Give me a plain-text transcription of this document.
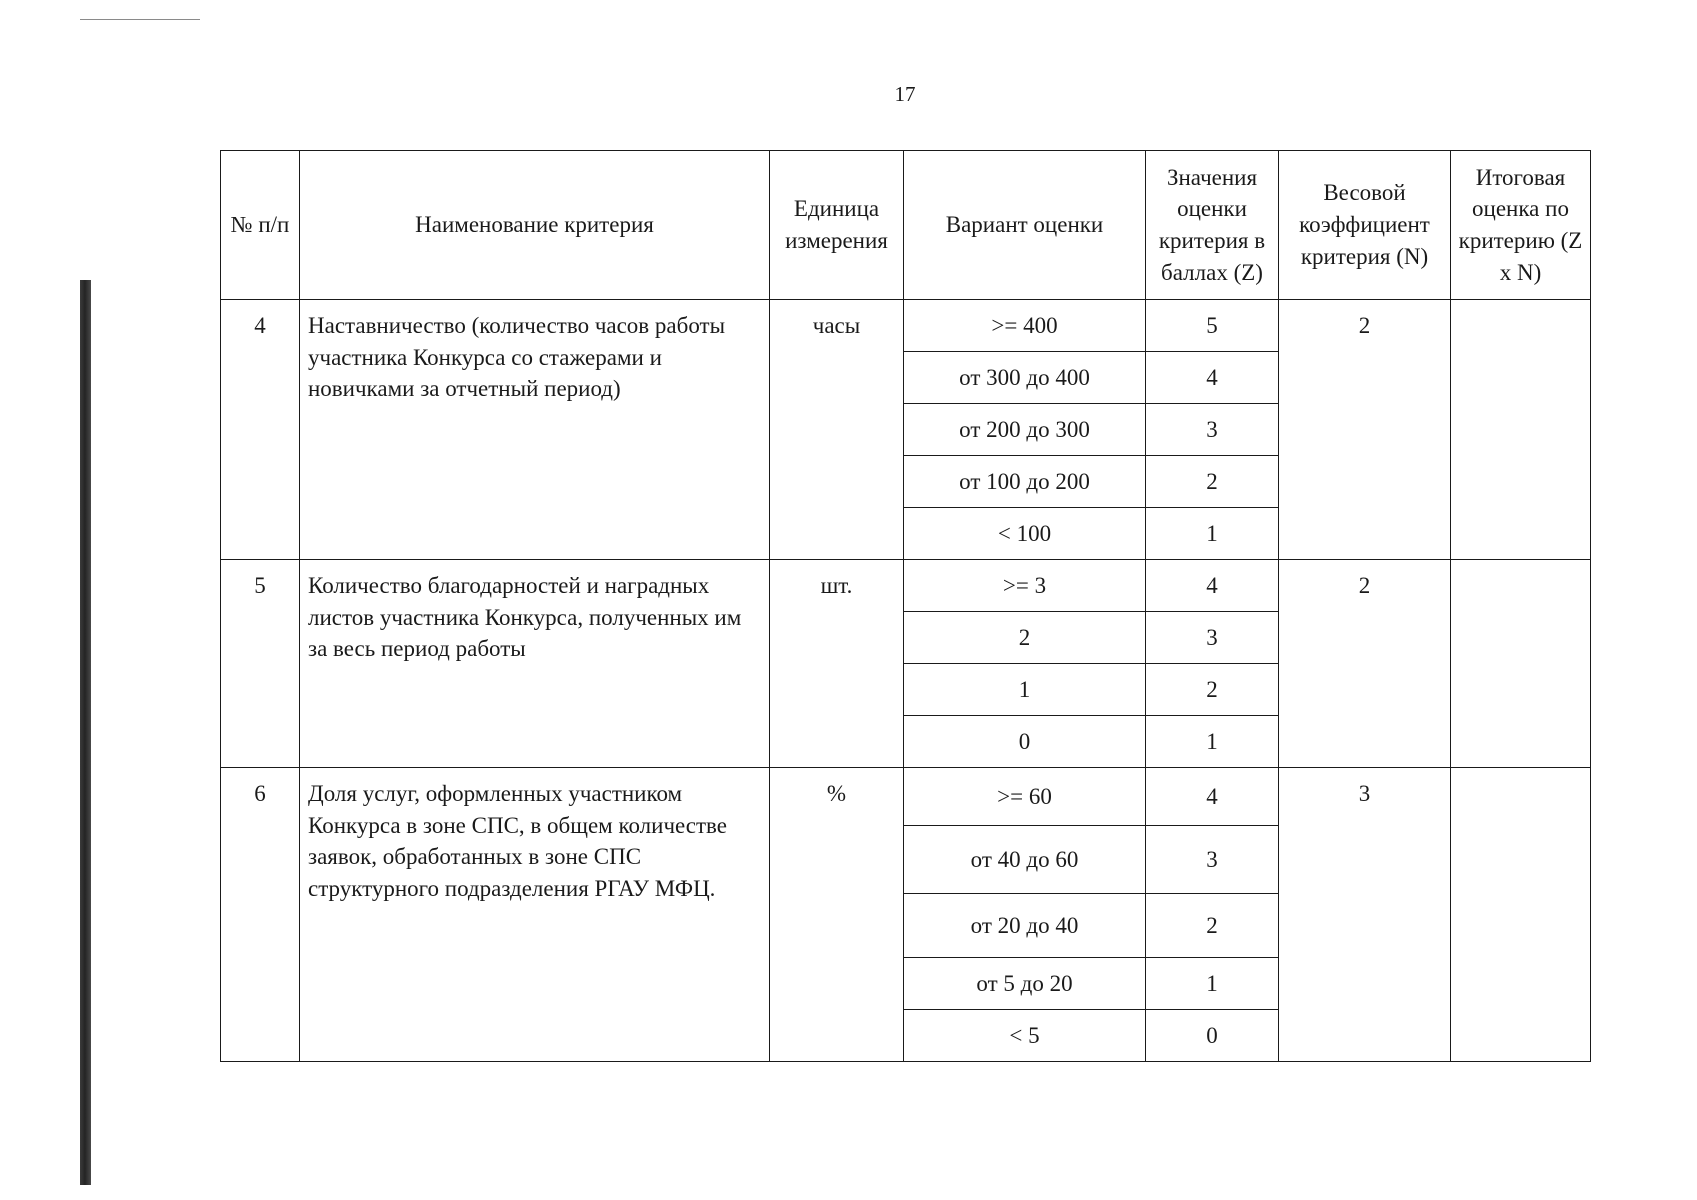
17
№ п/п	Наименование критерия	Единица измерения	Вариант оценки	Значения оценки критерия в баллах (Z)	Весовой коэффициент критерия (N)	Итоговая оценка по критерию (Z x N)
4	Наставничество (количество часов работы участника Конкурса со стажерами и новичками за отчетный период)	часы	>= 400	5	2	
			от 300 до 400	4		
			от 200 до 300	3		
			от 100 до 200	2		
			< 100	1		
5	Количество благодарностей и наградных листов участника Конкурса, полученных им за весь период работы	шт.	>= 3	4	2	
			2	3		
			1	2		
			0	1		
6	Доля услуг, оформленных участником Конкурса в зоне СПС, в общем количестве заявок, обработанных в зоне СПС структурного подразделения РГАУ МФЦ.	%	>= 60	4	3	
			от 40 до 60	3		
			от 20 до 40	2		
			от 5 до 20	1		
			< 5	0		
